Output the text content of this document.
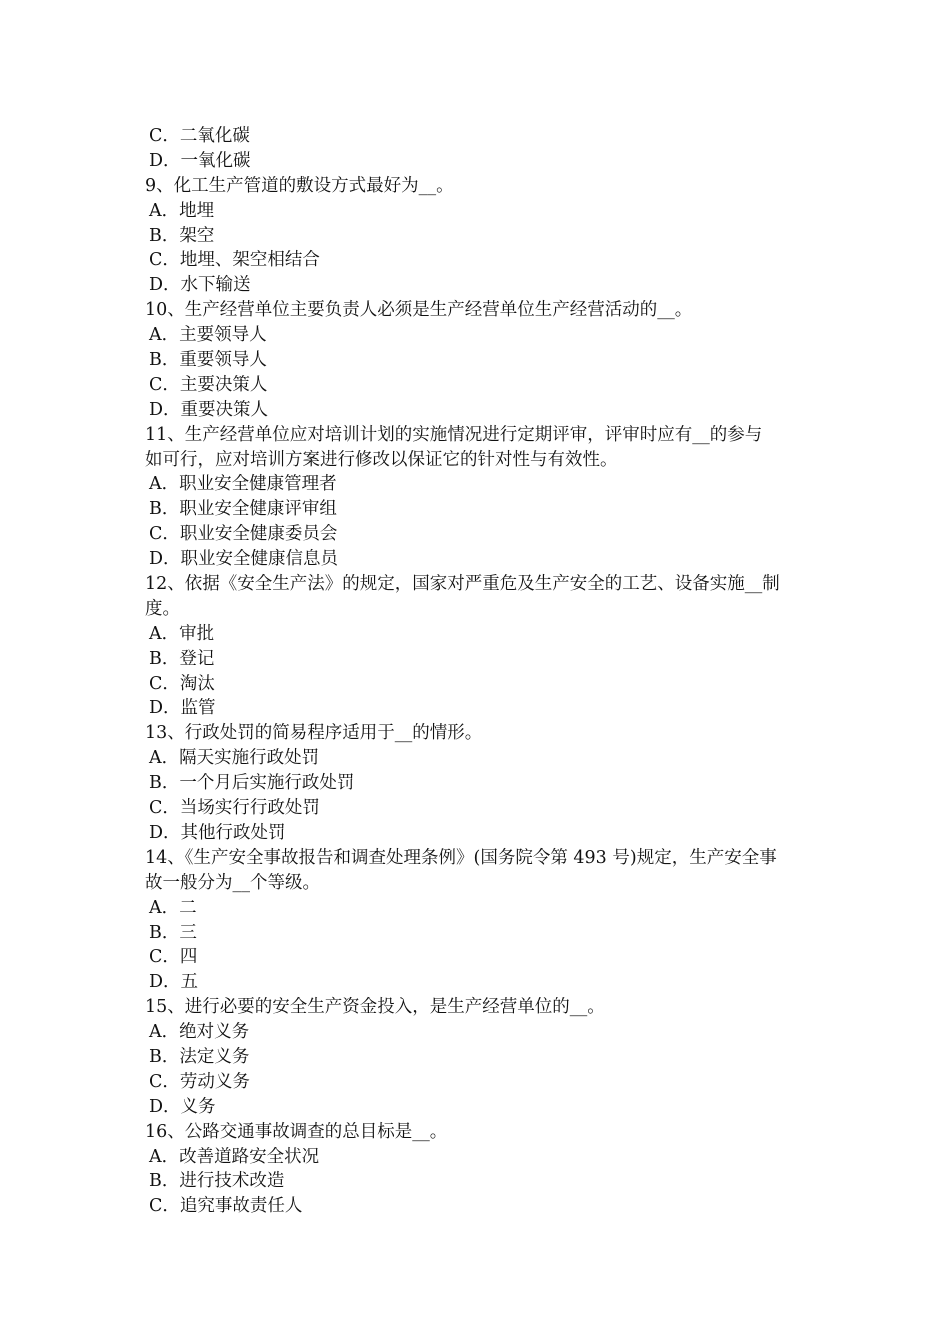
C．二氧化碳
D．一氧化碳
9、化工生产管道的敷设方式最好为__。
A．地埋
B．架空
C．地埋、架空相结合
D．水下输送
10、生产经营单位主要负责人必须是生产经营单位生产经营活动的__。
A．主要领导人
B．重要领导人
C．主要决策人
D．重要决策人
11、生产经营单位应对培训计划的实施情况进行定期评审，评审时应有__的参与
如可行，应对培训方案进行修改以保证它的针对性与有效性。
A．职业安全健康管理者
B．职业安全健康评审组
C．职业安全健康委员会
D．职业安全健康信息员
12、依据《安全生产法》的规定，国家对严重危及生产安全的工艺、设备实施__制
度。
A．审批
B．登记
C．淘汰
D．监管
13、行政处罚的简易程序适用于__的情形。
A．隔天实施行政处罚
B．一个月后实施行政处罚
C．当场实行行政处罚
D．其他行政处罚
14、《生产安全事故报告和调查处理条例》(国务院令第 493 号)规定，生产安全事
故一般分为__个等级。
A．二
B．三
C．四
D．五
15、进行必要的安全生产资金投入，是生产经营单位的__。
A．绝对义务
B．法定义务
C．劳动义务
D．义务
16、公路交通事故调查的总目标是__。
A．改善道路安全状况
B．进行技术改造
C．追究事故责任人
